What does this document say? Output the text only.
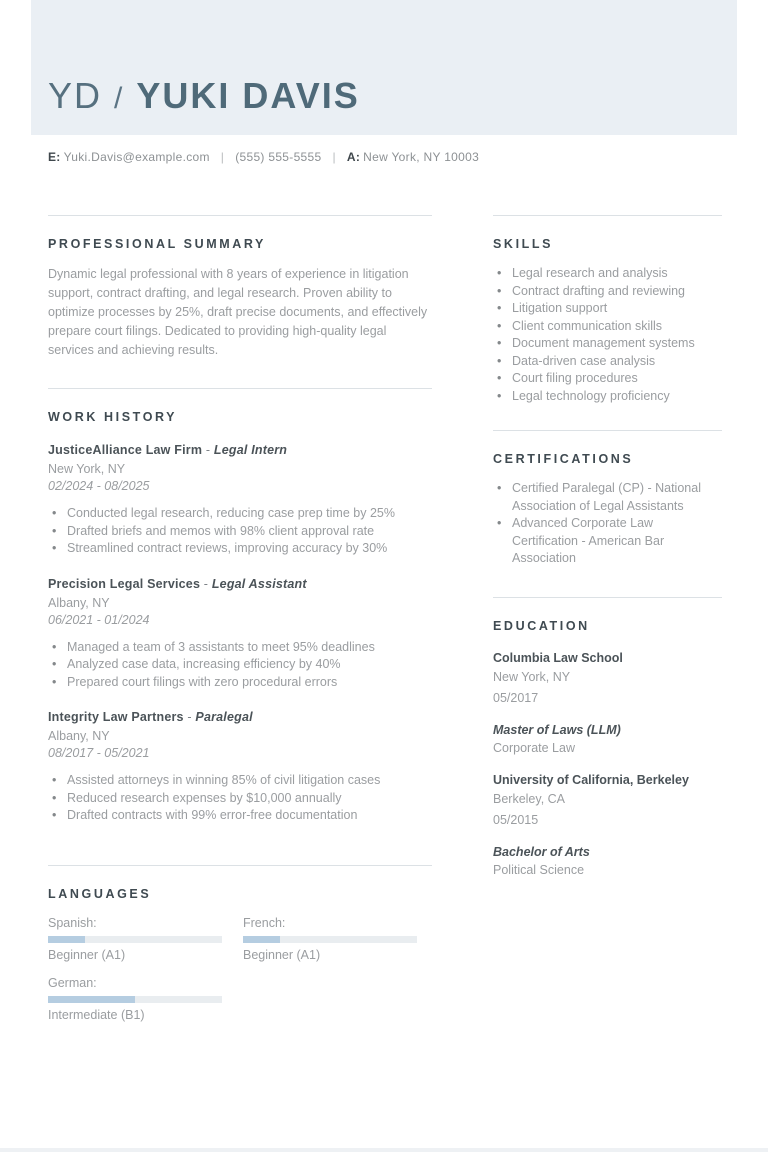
YD / YUKI DAVIS
E: Yuki.Davis@example.com | (555) 555-5555 | A: New York, NY 10003
PROFESSIONAL SUMMARY

Dynamic legal professional with 8 years of experience in litigation support, contract drafting, and legal research. Proven ability to optimize processes by 25%, draft precise documents, and effectively prepare court filings. Dedicated to providing high-quality legal services and achieving results.

WORK HISTORY
JusticeAlliance Law Firm - Legal Intern
New York, NY
02/2024 - 08/2025
• Conducted legal research, reducing case prep time by 25%
• Drafted briefs and memos with 98% client approval rate
• Streamlined contract reviews, improving accuracy by 30%
Precision Legal Services - Legal Assistant
Albany, NY
06/2021 - 01/2024
• Managed a team of 3 assistants to meet 95% deadlines
• Analyzed case data, increasing efficiency by 40%
• Prepared court filings with zero procedural errors
Integrity Law Partners - Paralegal
Albany, NY
08/2017 - 05/2021
• Assisted attorneys in winning 85% of civil litigation cases
• Reduced research expenses by $10,000 annually
• Drafted contracts with 99% error-free documentation
LANGUAGES
Spanish:
Beginner (A1)
French:
Beginner (A1)
German:
Intermediate (B1)
SKILLS
• Legal research and analysis
• Contract drafting and reviewing
• Litigation support
• Client communication skills
• Document management systems
• Data-driven case analysis
• Court filing procedures
• Legal technology proficiency
CERTIFICATIONS
• Certified Paralegal (CP) - National Association of Legal Assistants
• Advanced Corporate Law Certification - American Bar Association
EDUCATION
Columbia Law School
New York, NY
05/2017
Master of Laws (LLM)
Corporate Law
University of California, Berkeley
Berkeley, CA
05/2015
Bachelor of Arts
Political Science
